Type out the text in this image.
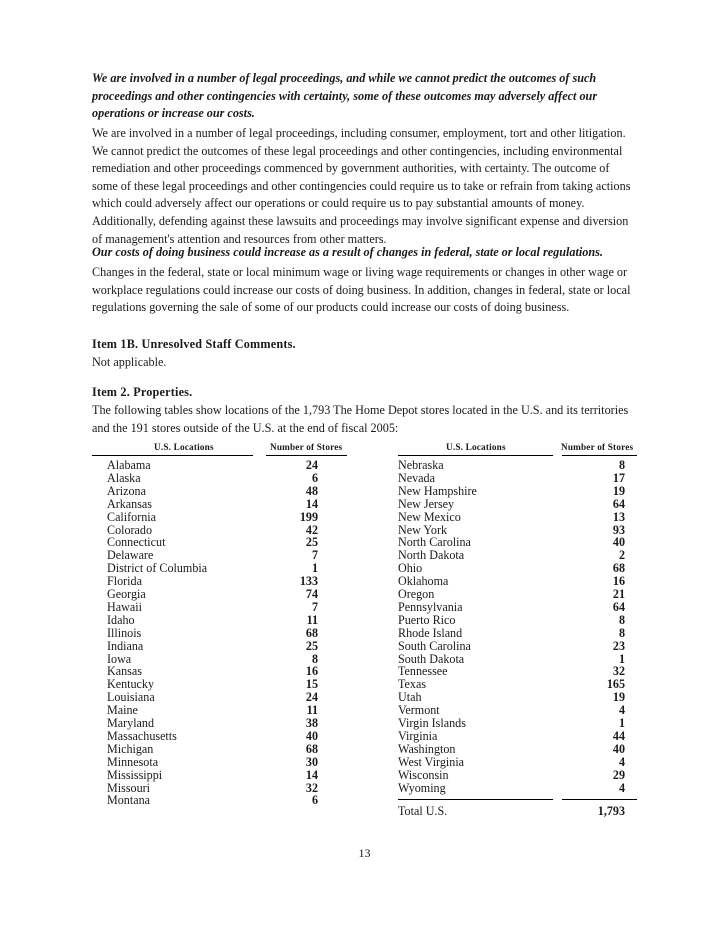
We are involved in a number of legal proceedings, and while we cannot predict the outcomes of such proceedings and other contingencies with certainty, some of these outcomes may adversely affect our operations or increase our costs.

We are involved in a number of legal proceedings, including consumer, employment, tort and other litigation. We cannot predict the outcomes of these legal proceedings and other contingencies, including environmental remediation and other proceedings commenced by government authorities, with certainty. The outcome of some of these legal proceedings and other contingencies could require us to take or refrain from taking actions which could adversely affect our operations or could require us to pay substantial amounts of money. Additionally, defending against these lawsuits and proceedings may involve significant expense and diversion of management's attention and resources from other matters.

Our costs of doing business could increase as a result of changes in federal, state or local regulations.

Changes in the federal, state or local minimum wage or living wage requirements or changes in other wage or workplace regulations could increase our costs of doing business. In addition, changes in federal, state or local regulations governing the sale of some of our products could increase our costs of doing business.

Item 1B. Unresolved Staff Comments.

Not applicable.

Item 2. Properties.

The following tables show locations of the 1,793 The Home Depot stores located in the U.S. and its territories and the 191 stores outside of the U.S. at the end of fiscal 2005:

U.S. Locations	Number of Stores	U.S. Locations	Number of Stores
Alabama	24
Alaska	6
Arizona	48
Arkansas	14
California	199
Colorado	42
Connecticut	25
Delaware	7
District of Columbia	1
Florida	133
Georgia	74
Hawaii	7
Idaho	11
Illinois	68
Indiana	25
Iowa	8
Kansas	16
Kentucky	15
Louisiana	24
Maine	11
Maryland	38
Massachusetts	40
Michigan	68
Minnesota	30
Mississippi	14
Missouri	32
Montana	6
Nebraska	8
Nevada	17
New Hampshire	19
New Jersey	64
New Mexico	13
New York	93
North Carolina	40
North Dakota	2
Ohio	68
Oklahoma	16
Oregon	21
Pennsylvania	64
Puerto Rico	8
Rhode Island	8
South Carolina	23
South Dakota	1
Tennessee	32
Texas	165
Utah	19
Vermont	4
Virgin Islands	1
Virginia	44
Washington	40
West Virginia	4
Wisconsin	29
Wyoming	4
Total U.S.	1,793
13
